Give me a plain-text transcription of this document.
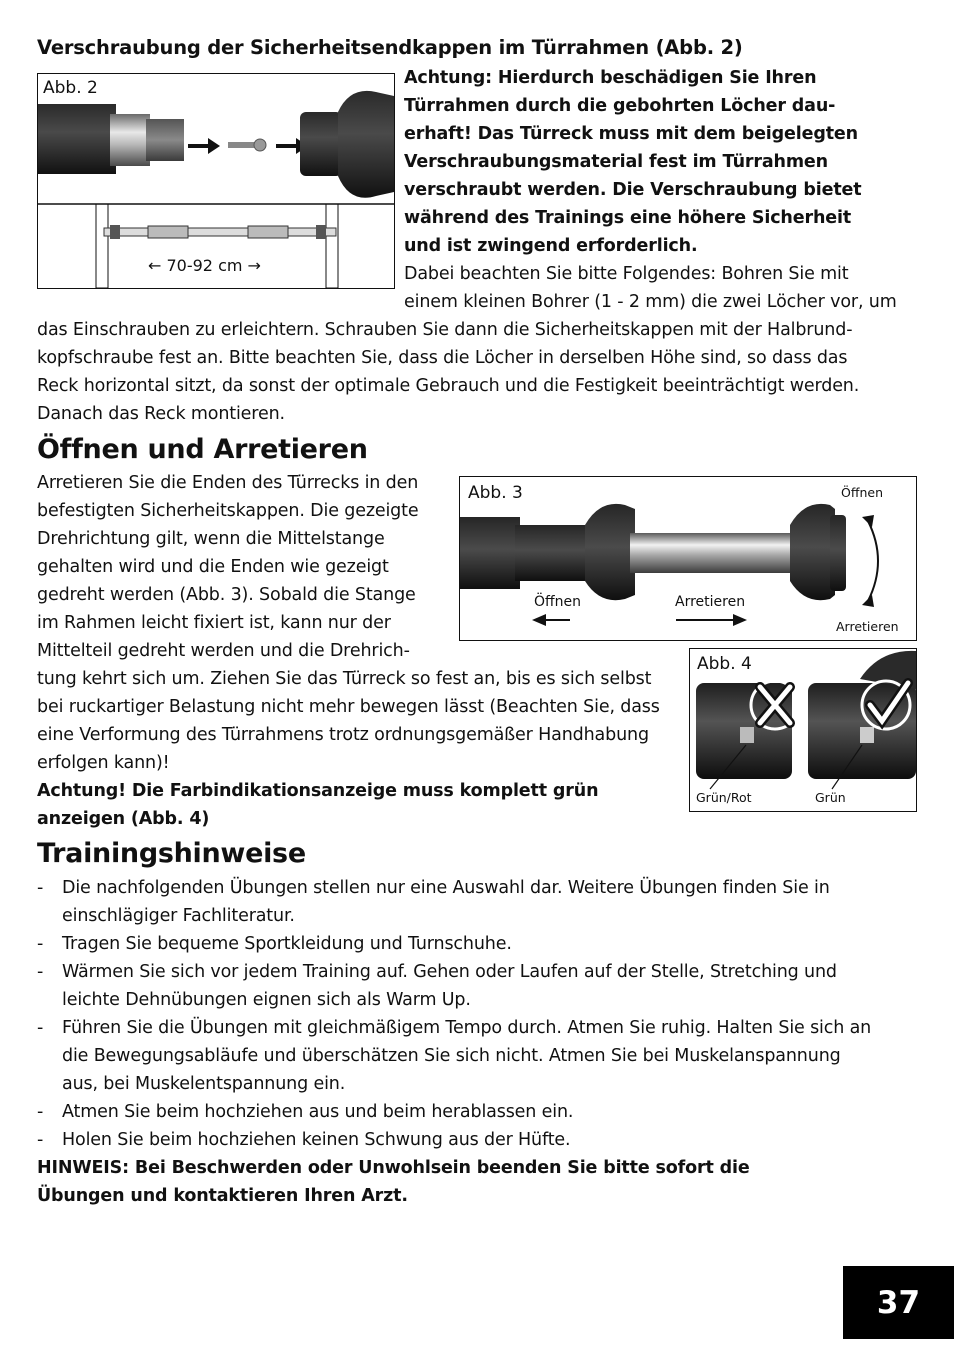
Verschraubung der Sicherheitsendkappen im Türrahmen (Abb. 2)
Abb. 2
← 70-92 cm →
Achtung: Hierdurch beschädigen Sie Ihren
Türrahmen durch die gebohrten Löcher dau-
erhaft! Das Türreck muss mit dem beigelegten
Verschraubungsmaterial fest im Türrahmen
verschraubt werden. Die Verschraubung bietet
während des Trainings eine höhere Sicherheit
und ist zwingend erforderlich.
Dabei beachten Sie bitte Folgendes: Bohren Sie mit
einem kleinen Bohrer (1 - 2 mm) die zwei Löcher vor, um
das Einschrauben zu erleichtern. Schrauben Sie dann die Sicherheitskappen mit der Halbrund-
kopfschraube fest an. Bitte beachten Sie, dass die Löcher in derselben Höhe sind, so dass das
Reck horizontal sitzt, da sonst der optimale Gebrauch und die Festigkeit beeinträchtigt werden.
Danach das Reck montieren.
Öffnen und Arretieren
Arretieren Sie die Enden des Türrecks in den
befestigten Sicherheitskappen. Die gezeigte
Drehrichtung gilt, wenn die Mittelstange
gehalten wird und die Enden wie gezeigt
gedreht werden (Abb. 3). Sobald die Stange
im Rahmen leicht fixiert ist, kann nur der
Mittelteil gedreht werden und die Drehrich-
tung kehrt sich um. Ziehen Sie das Türreck so fest an, bis es sich selbst
bei ruckartiger Belastung nicht mehr bewegen lässt (Beachten Sie, dass
eine Verformung des Türrahmens trotz ordnungsgemäßer Handhabung
erfolgen kann)!
Achtung! Die Farbindikationsanzeige muss komplett grün
anzeigen (Abb. 4)
Abb. 3	Öffnen
Arretieren
Öffnen	Arretieren
Abb. 4
Grün/Rot	Grün
Trainingshinweise
- Die nachfolgenden Übungen stellen nur eine Auswahl dar. Weitere Übungen finden Sie in
einschlägiger Fachliteratur.
- Tragen Sie bequeme Sportkleidung und Turnschuhe.
- Wärmen Sie sich vor jedem Training auf. Gehen oder Laufen auf der Stelle, Stretching und
leichte Dehnübungen eignen sich als Warm Up.
- Führen Sie die Übungen mit gleichmäßigem Tempo durch. Atmen Sie ruhig. Halten Sie sich an
die Bewegungsabläufe und überschätzen Sie sich nicht. Atmen Sie bei Muskelanspannung
aus, bei Muskelentspannung ein.
- Atmen Sie beim hochziehen aus und beim herablassen ein.
- Holen Sie beim hochziehen keinen Schwung aus der Hüfte.
HINWEIS: Bei Beschwerden oder Unwohlsein beenden Sie bitte sofort die
Übungen und kontaktieren Ihren Arzt.
37
